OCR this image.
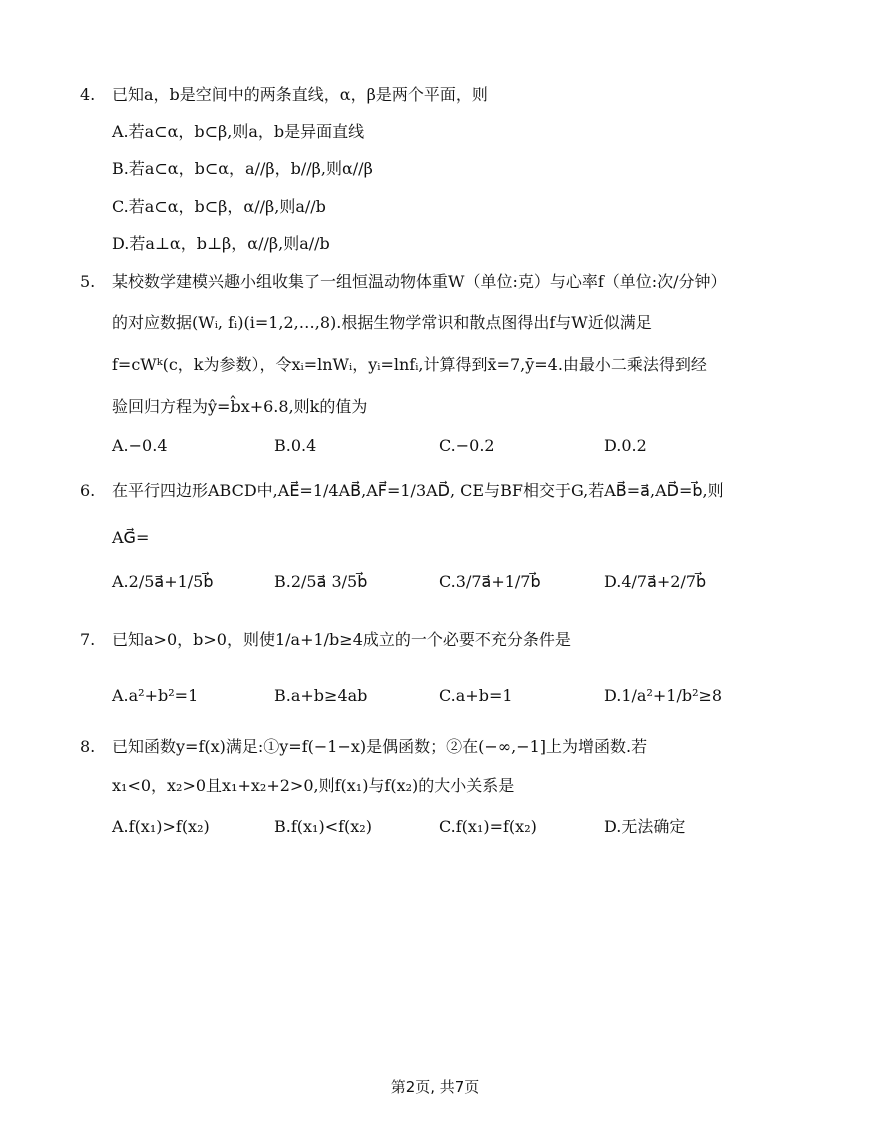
4. 已知a，b是空间中的两条直线，α，β是两个平面，则
A.若a⊂α，b⊂β,则a，b是异面直线
B.若a⊂α，b⊂α，a//β，b//β,则α//β
C.若a⊂α，b⊂β，α//β,则a//b
D.若a⊥α，b⊥β，α//β,则a//b
5. 某校数学建模兴趣小组收集了一组恒温动物体重W（单位:克）与心率f（单位:次/分钟）
的对应数据(Wᵢ, fᵢ)(i=1,2,…,8).根据生物学常识和散点图得出f与W近似满足
f=cWᵏ(c，k为参数），令xᵢ=lnWᵢ，yᵢ=lnfᵢ,计算得到x̄=7,ȳ=4.由最小二乘法得到经
验回归方程为ŷ=b̂x+6.8,则k的值为
A.−0.4	B.0.4	C.−0.2	D.0.2
6. 在平行四边形ABCD中,AE⃗=1/4AB⃗,AF⃗=1/3AD⃗, CE与BF相交于G,若AB⃗=a⃗,AD⃗=b⃗,则
AG⃗=
A.2/5a⃗+1/5b⃗	B.2/5a⃗ 3/5b⃗	C.3/7a⃗+1/7b⃗	D.4/7a⃗+2/7b⃗
7. 已知a>0，b>0，则使1/a+1/b≥4成立的一个必要不充分条件是
A.a²+b²=1	B.a+b≥4ab	C.a+b=1	D.1/a²+1/b²≥8
8. 已知函数y=f(x)满足:①y=f(−1−x)是偶函数；②在(−∞,−1]上为增函数.若
x₁<0，x₂>0且x₁+x₂+2>0,则f(x₁)与f(x₂)的大小关系是
A.f(x₁)>f(x₂)	B.f(x₁)<f(x₂)	C.f(x₁)=f(x₂)	D.无法确定
第2页, 共7页
